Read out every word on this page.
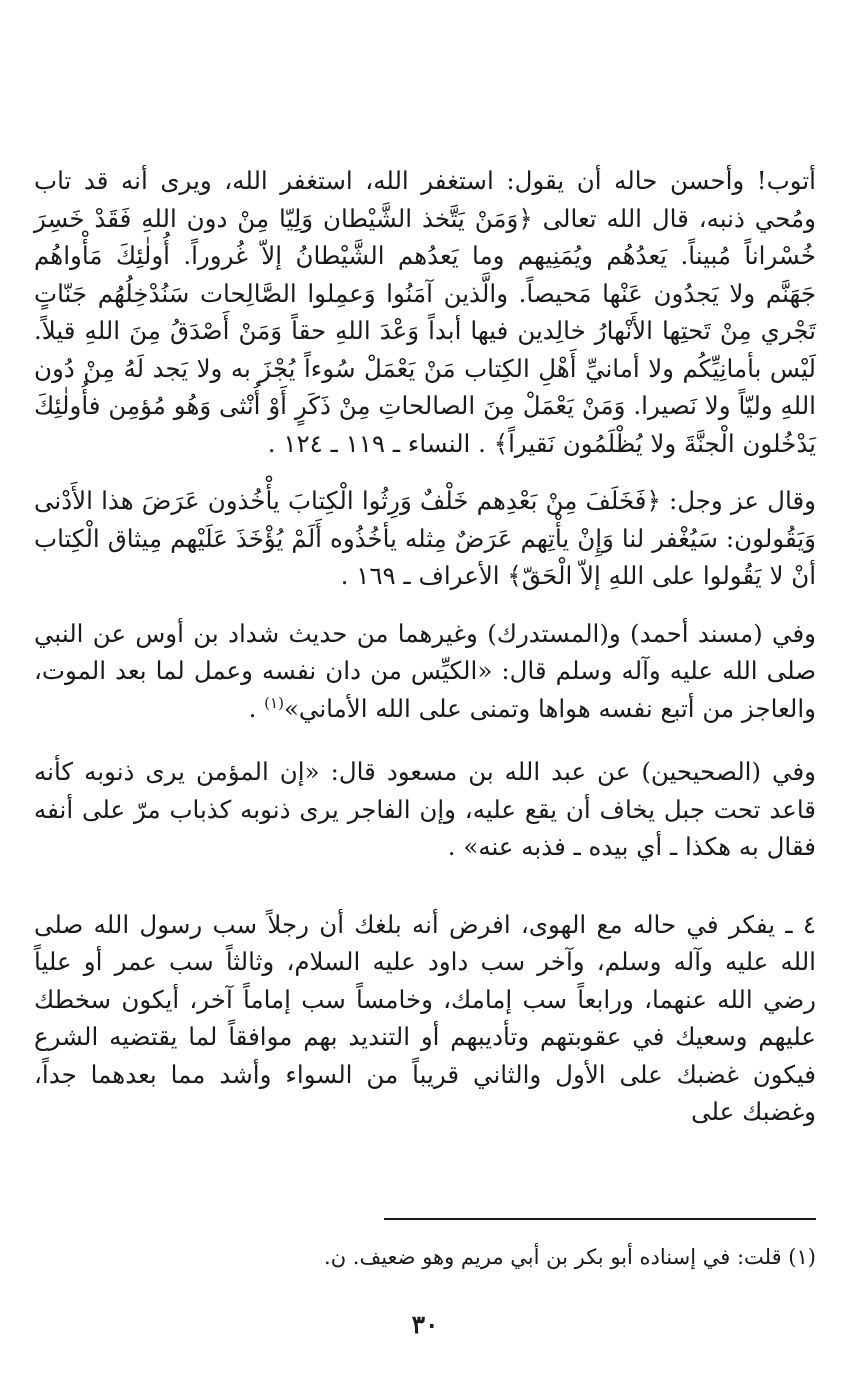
أتوب! وأحسن حاله أن يقول: استغفر الله، استغفر الله، ويرى أنه قد تاب ومُحي ذنبه، قال الله تعالى ﴿وَمَنْ يَتَّخذ الشَّيْطان وَلِيّا مِنْ دون اللهِ فَقَدْ خَسِرَ خُسْراناً مُبيناً. يَعدُهُم ويُمَنِيهم وما يَعدُهم الشَّيْطانُ إلاّ غُروراً. أُولٰئِكَ مَأْواهُم جَهَنَّم ولا يَجدُون عَنْها مَحيصاً. والَّذين آمَنُوا وَعمِلوا الصَّالِحات سَنُدْخِلُهُم جَنّاتٍ تَجْري مِنْ تَحتِها الأَنْهارُ خالِدين فيها أبداً وَعْدَ اللهِ حقاً وَمَنْ أَصْدَقُ مِنَ اللهِ قيلاً. لَيْس بأمانِيِّكُم ولا أمانيِّ أَهْلِ الكِتاب مَنْ يَعْمَلْ سُوءاً يُجْزَ به ولا يَجد لَهُ مِنْ دُون اللهِ وليّاً ولا نَصيرا. وَمَنْ يَعْمَلْ مِنَ الصالحاتِ مِنْ ذَكَرٍ أَوْ أُنْثى وَهُو مُؤمِن فأُولٰئِكَ يَدْخُلون الْجنَّةَ ولا يُظْلَمُون نَقيراً﴾ . النساء ـ ١١٩ ـ ١٢٤ .

وقال عز وجل: ﴿فَخَلَفَ مِنْ بَعْدِهم خَلْفٌ وَرِثُوا الْكِتابَ يأْخُذون عَرَضَ هذا الأَدْنى وَيَقُولون: سَيُغْفر لنا وَإِنْ يأْتِهم عَرَضٌ مِثله يأخُذُوه أَلَمْ يُؤْخَذَ عَلَيْهم مِيثاق الْكِتاب أنْ لا يَقُولوا على اللهِ إلاّ الْحَقّ﴾ الأعراف ـ ١٦٩ .

وفي (مسند أحمد) و(المستدرك) وغيرهما من حديث شداد بن أوس عن النبي صلى الله عليه وآله وسلم قال: «الكيِّس من دان نفسه وعمل لما بعد الموت، والعاجز من أتبع نفسه هواها وتمنى على الله الأماني»$^{(١)}$ .

وفي (الصحيحين) عن عبد الله بن مسعود قال: «إن المؤمن يرى ذنوبه كأنه قاعد تحت جبل يخاف أن يقع عليه، وإن الفاجر يرى ذنوبه كذباب مرّ على أنفه فقال به هكذا ـ أي بيده ـ فذبه عنه» .

٤ ـ يفكر في حاله مع الهوى، افرض أنه بلغك أن رجلاً سب رسول الله صلى الله عليه وآله وسلم، وآخر سب داود عليه السلام، وثالثاً سب عمر أو علياً رضي الله عنهما، ورابعاً سب إمامك، وخامساً سب إماماً آخر، أيكون سخطك عليهم وسعيك في عقوبتهم وتأديبهم أو التنديد بهم موافقاً لما يقتضيه الشرع فيكون غضبك على الأول والثاني قريباً من السواء وأشد مما بعدهما جداً، وغضبك على

(١) قلت: في إسناده أبو بكر بن أبي مريم وهو ضعيف. ن.

٣٠
